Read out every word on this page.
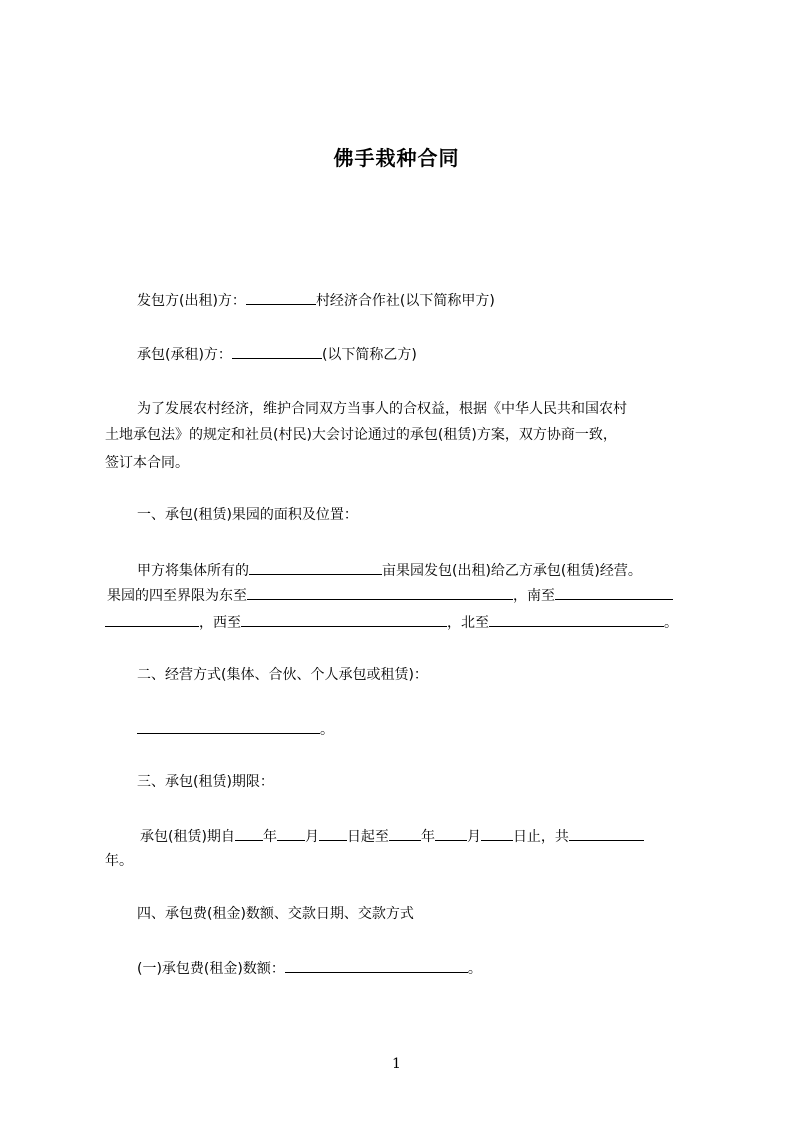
佛手栽种合同
发包方(出租)方：	村经济合作社(以下简称甲方)
承包(承租)方：	(以下简称乙方)
为了发展农村经济，维护合同双方当事人的合权益，根据《中华人民共和国农村
土地承包法》的规定和社员(村民)大会讨论通过的承包(租赁)方案，双方协商一致，
签订本合同。
一、承包(租赁)果园的面积及位置：
甲方将集体所有的	亩果园发包(出租)给乙方承包(租赁)经营。
果园的四至界限为东至	，南至
，西至	，北至	。
二、经营方式(集体、合伙、个人承包或租赁)：
。
三、承包(租赁)期限：
承包(租赁)期自 年 月 日起至 年 月 日止，共
年。
四、承包费(租金)数额、交款日期、交款方式
(一)承包费(租金)数额：	。
1
